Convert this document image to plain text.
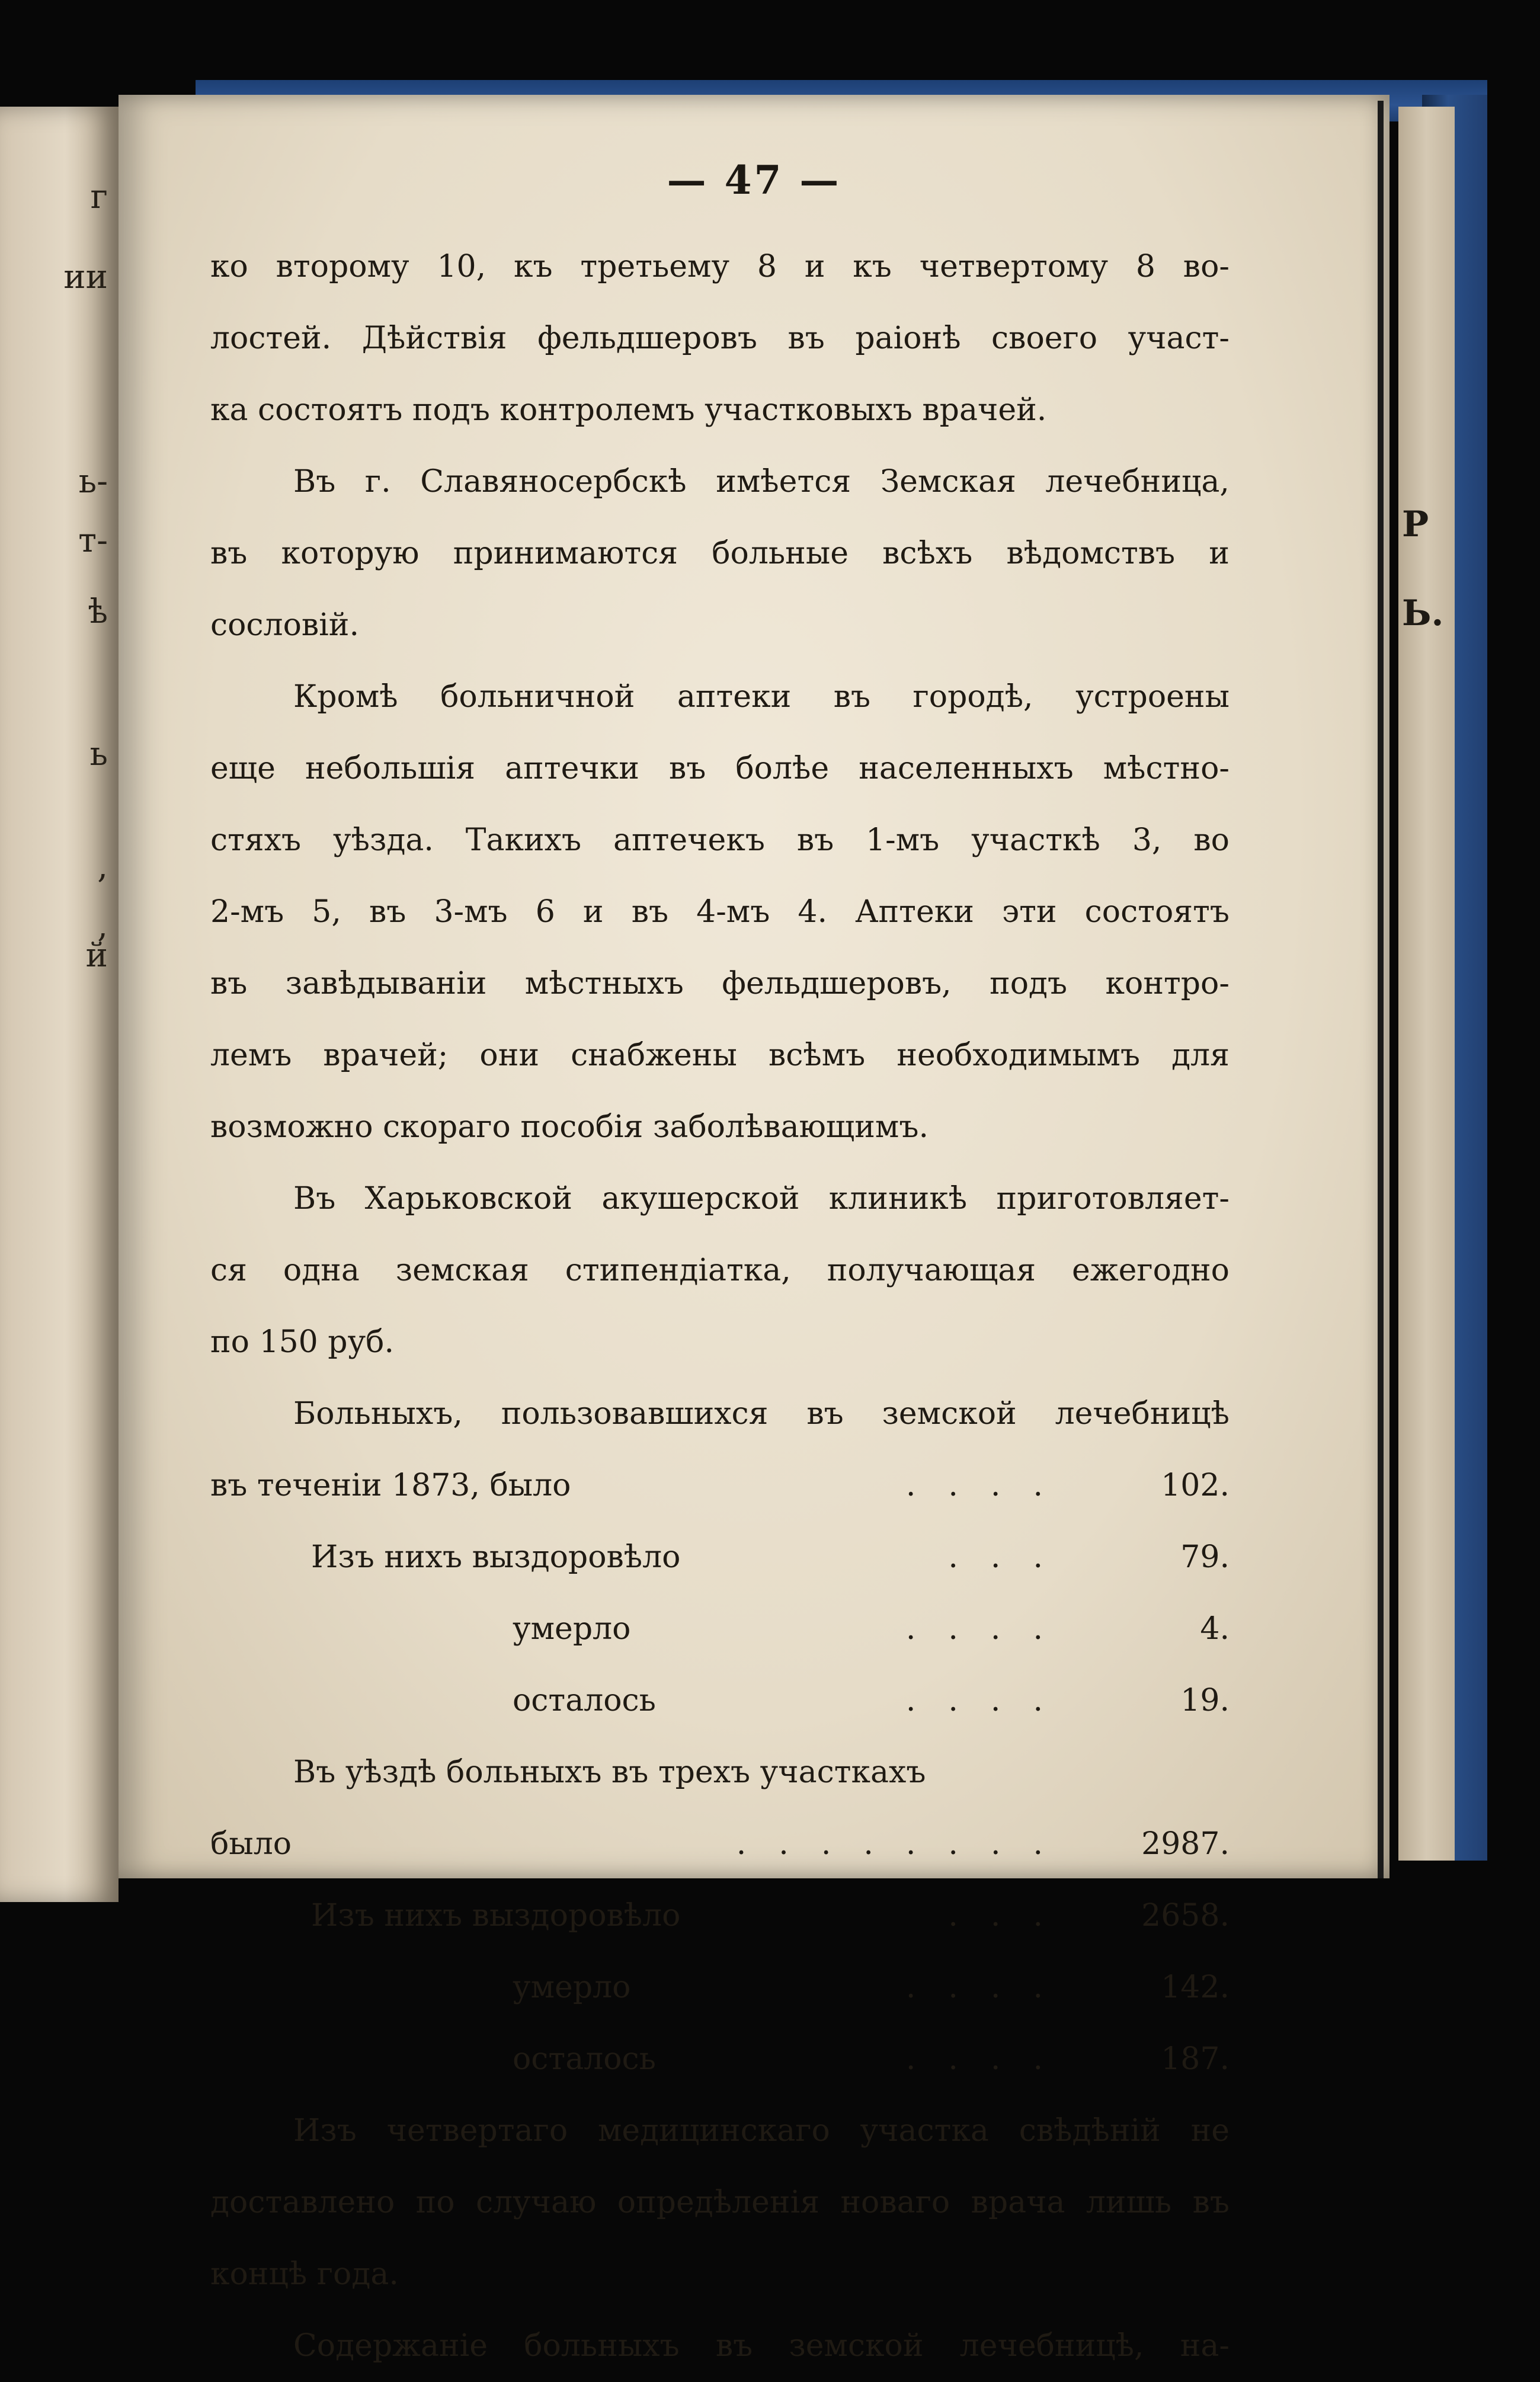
г
ии
ь-
т-
ѣ
ь
,
,
й
Р
Ь.
— 47 —
ко второму 10, къ третьему 8 и къ четвертому 8 во-
лостей. Дѣйствія фельдшеровъ въ раіонѣ своего участ-
ка состоятъ подъ контролемъ участковыхъ врачей.
Въ г. Славяносербскѣ имѣется Земская лечебница,
въ которую принимаются больные всѣхъ вѣдомствъ и
сословій.
Кромѣ больничной аптеки въ городѣ, устроены
еще небольшія аптечки въ болѣе населенныхъ мѣстно-
стяхъ уѣзда. Такихъ аптечекъ въ 1-мъ участкѣ 3, во
2-мъ 5, въ 3-мъ 6 и въ 4-мъ 4. Аптеки эти состоятъ
въ завѣдываніи мѣстныхъ фельдшеровъ, подъ контро-
лемъ врачей; они снабжены всѣмъ необходимымъ для
возможно скораго пособія заболѣвающимъ.
Въ Харьковской акушерской клиникѣ приготовляет-
ся одна земская стипендіатка, получающая ежегодно
по 150 руб.
Больныхъ, пользовавшихся въ земской лечебницѣ
въ теченіи 1873, было	....	102.
Изъ нихъ выздоровѣло	...	79.
умерло	....	4.
осталось	....	19.
Въ уѣздѣ больныхъ въ трехъ участкахъ
было	........	2987.
Изъ нихъ выздоровѣло	...	2658.
умерло	....	142.
осталось	....	187.
Изъ четвертаго медицинскаго участка свѣдѣній не
доставлено по случаю опредѣленія новаго врача лишь въ
концѣ года.
Содержаніе больныхъ въ земской лечебницѣ, на-
